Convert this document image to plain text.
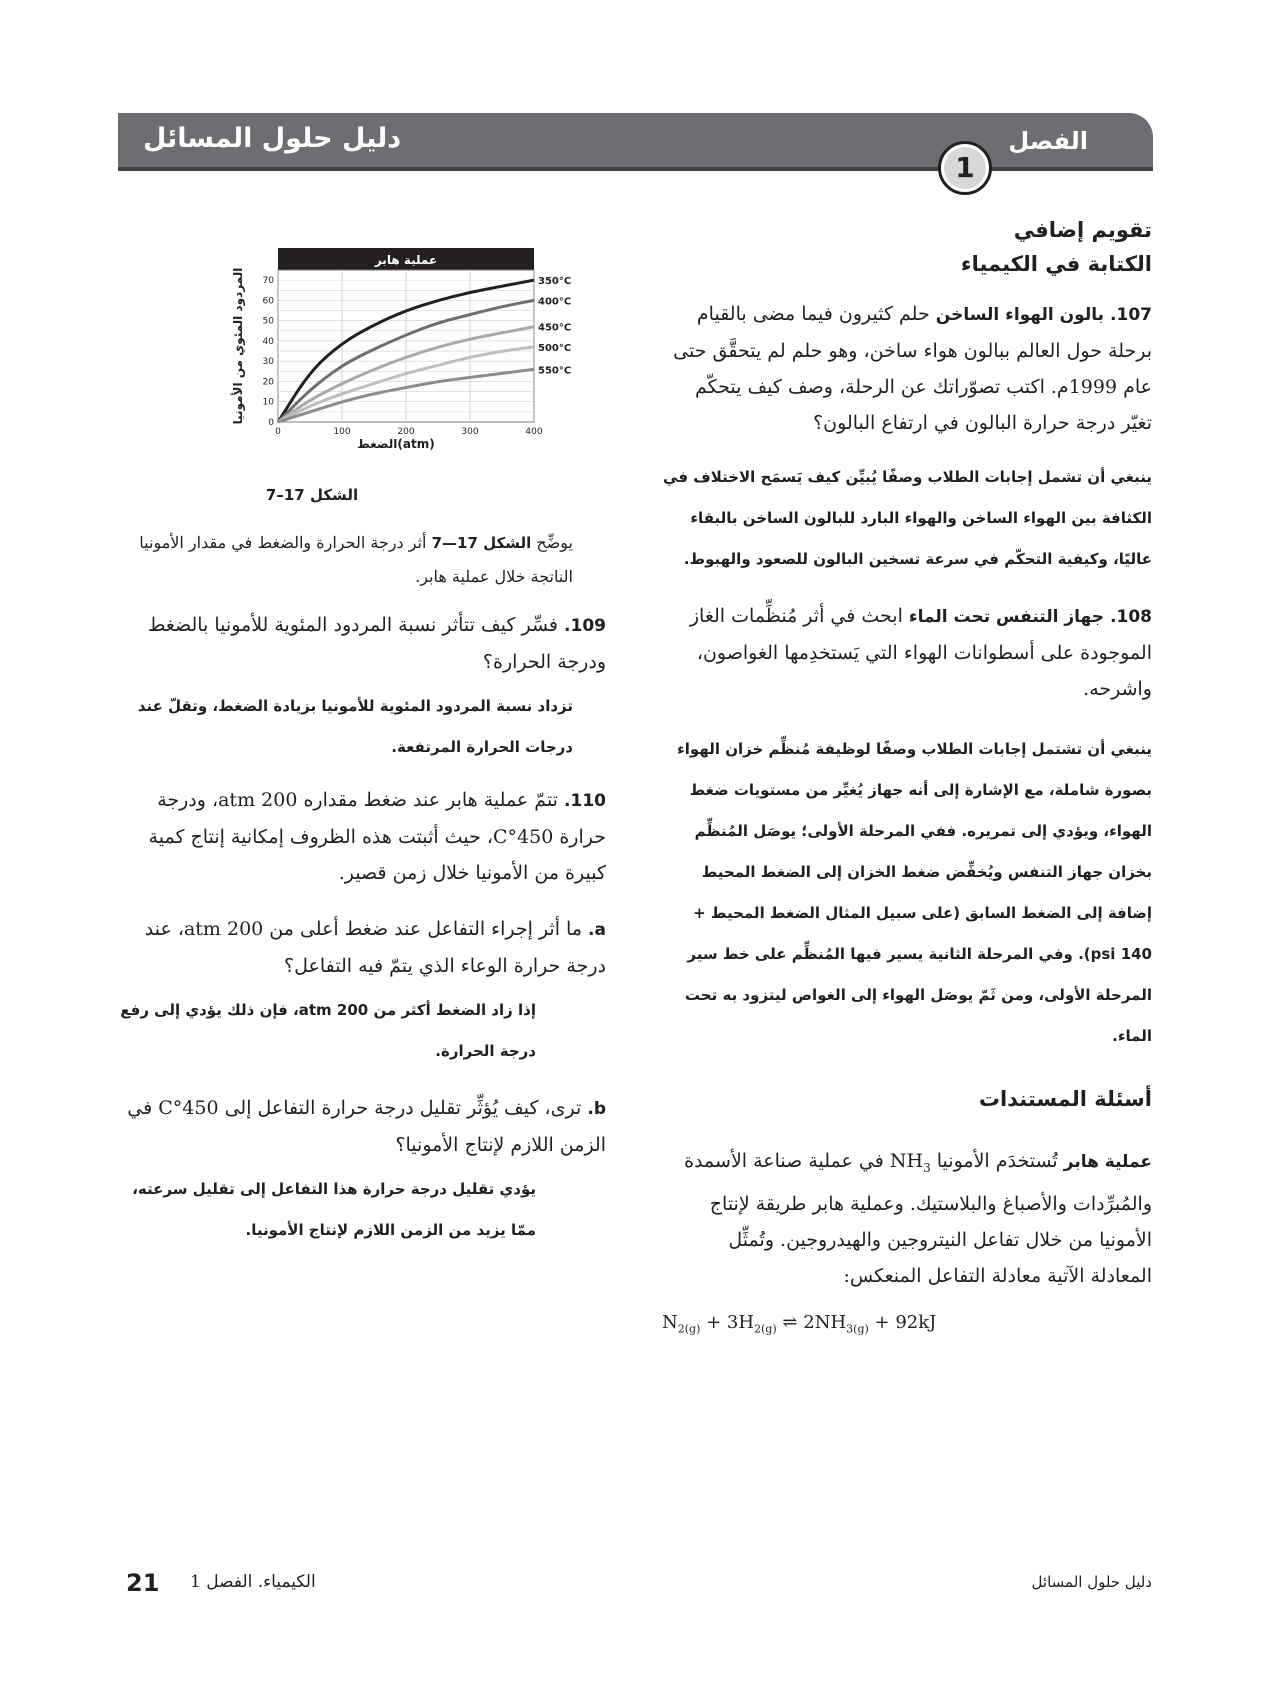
دليل حلول المسائل	الفصل
1
تقويم إضافي
الكتابة في الكيمياء
107. بالون الهواء الساخن حلم كثيرون فيما مضى بالقيام برحلة حول العالم ببالون هواء ساخن، وهو حلم لم يتحقَّق حتى عام 1999م. اكتب تصوّراتك عن الرحلة، وصف كيف يتحكّم تغيّر درجة حرارة البالون في ارتفاع البالون؟
ينبغي أن تشمل إجابات الطلاب وصفًا يُبيِّن كيف يَسمَح الاختلاف في الكثافة بين الهواء الساخن والهواء البارد للبالون الساخن بالبقاء عاليًا، وكيفية التحكّم في سرعة تسخين البالون للصعود والهبوط.
108. جهاز التنفس تحت الماء ابحث في أثر مُنظِّمات الغاز الموجودة على أسطوانات الهواء التي يَستخدِمها الغواصون، واشرحه.
ينبغي أن تشتمل إجابات الطلاب وصفًا لوظيفة مُنظِّم خزان الهواء بصورة شاملة، مع الإشارة إلى أنه جهاز يُغيِّر من مستويات ضغط الهواء، ويؤدي إلى تمريره. ففي المرحلة الأولى؛ يوصَل المُنظِّم بخزان جهاز التنفس ويُخفِّض ضغط الخزان إلى الضغط المحيط إضافة إلى الضغط السابق (على سبيل المثال الضغط المحيط + 140 psi). وفي المرحلة الثانية يسير فيها المُنظِّم على خط سير المرحلة الأولى، ومن ثَمّ يوصَل الهواء إلى الغواص ليتزود به تحت الماء.
أسئلة المستندات
عملية هابر تُستخدَم الأمونيا $NH_3$ في عملية صناعة الأسمدة والمُبرِّدات والأصباغ والبلاستيك. وعملية هابر طريقة لإنتاج الأمونيا من خلال تفاعل النيتروجين والهيدروجين. وتُمثِّل المعادلة الآتية معادلة التفاعل المنعكس:
$N_{2(g)} + 3H_{2(g)}$ ⇌ $2NH_{3(g)} + 92kJ$
عملية هابر
0	100	200	300	400
0
10
20
30
40
50
60
70
الضغط(atm)
المردود المئوي من الأمونيا	350°C
400°C
450°C
500°C
550°C
الشكل 17–7
يوضِّح الشكل 17—7 أثر درجة الحرارة والضغط في مقدار الأمونيا الناتجة خلال عملية هابر.
109. فسِّر كيف تتأثر نسبة المردود المئوية للأمونيا بالضغط ودرجة الحرارة؟
تزداد نسبة المردود المئوية للأمونيا بزيادة الضغط، وتقلّ عند درجات الحرارة المرتفعة.
110. تتمّ عملية هابر عند ضغط مقداره 200 atm، ودرجة حرارة 450°C، حيث أثبتت هذه الظروف إمكانية إنتاج كمية كبيرة من الأمونيا خلال زمن قصير.
a. ما أثر إجراء التفاعل عند ضغط أعلى من 200 atm، عند درجة حرارة الوعاء الذي يتمّ فيه التفاعل؟
إذا زاد الضغط أكثر من 200 atm، فإن ذلك يؤدي إلى رفع درجة الحرارة.
b. ترى، كيف يُؤثِّر تقليل درجة حرارة التفاعل إلى 450°C في الزمن اللازم لإنتاج الأمونيا؟
يؤدي تقليل درجة حرارة هذا التفاعل إلى تقليل سرعته، ممّا يزيد من الزمن اللازم لإنتاج الأمونيا.
21 الكيمياء. الفصل 1	دليل حلول المسائل
